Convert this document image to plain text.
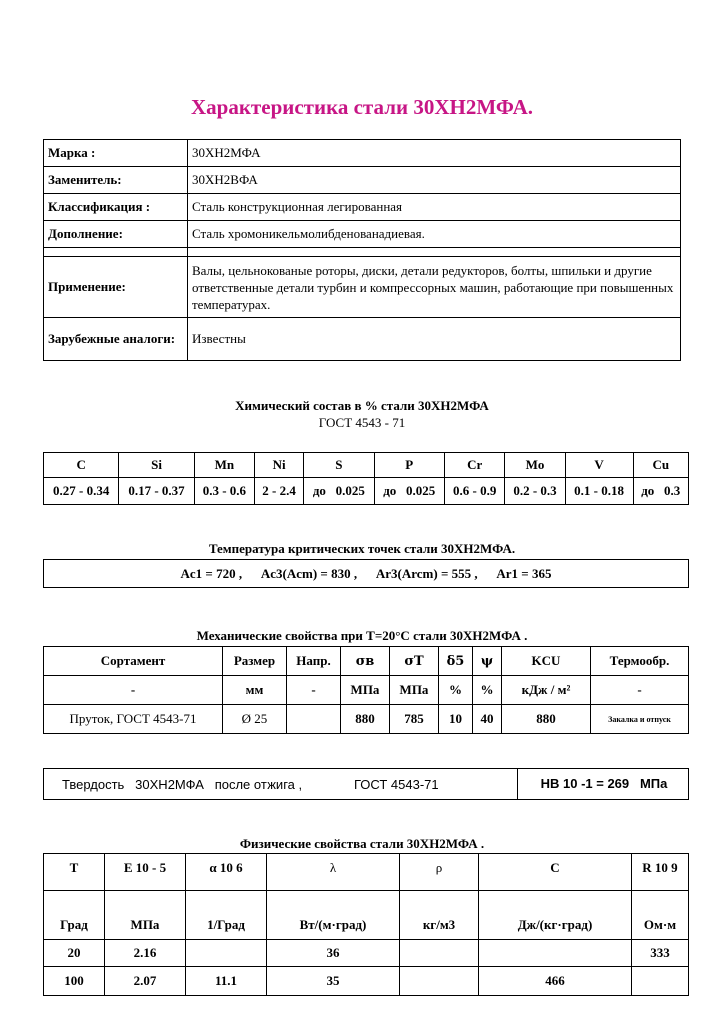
Характеристика стали 30ХН2МФА.
Марка :	30ХН2МФА
Заменитель:	30ХН2ВФА
Классификация :	Сталь конструкционная легированная
Дополнение:	Сталь хромоникельмолибденованадиевая.

Применение:	Валы, цельнокованые роторы, диски, детали редукторов, болты, шпильки и другие ответственные детали турбин и компрессорных машин, работающие при повышенных температурах.
Зарубежные аналоги:	Известны
Химический состав в % стали 30ХН2МФА
ГОСТ 4543 - 71
C	Si	Mn	Ni	S	P	Cr	Mo	V	Cu
0.27 - 0.34	0.17 - 0.37	0.3 - 0.6	2 - 2.4	до   0.025	до   0.025	0.6 - 0.9	0.2 - 0.3	0.1 - 0.18	до   0.3
Температура критических точек стали 30ХН2МФА.
Ac1 = 720 ,      Ac3(Acm) = 830 ,      Ar3(Arcm) = 555 ,      Ar1 = 365
Механические свойства при Т=20°С стали 30ХН2МФА .
Сортамент	Размер	Напр.	σв	σT	δ5	ψ	KCU	Термообр.
-	мм	-	МПа	МПа	%	%	кДж / м²	-
Пруток, ГОСТ 4543-71	Ø 25		880	785	10	40	880	Закалка и отпуск
Твердость   30ХН2МФА   после отжига ,	ГОСТ 4543-71	HB 10 -1 = 269   МПа
Физические свойства стали 30ХН2МФА .
T	E 10 - 5	α 10 6	λ	ρ	C	R 10 9
Град	МПа	1/Град	Вт/(м·град)	кг/м3	Дж/(кг·град)	Ом·м
20	2.16		36			333
100	2.07	11.1	35		466	
